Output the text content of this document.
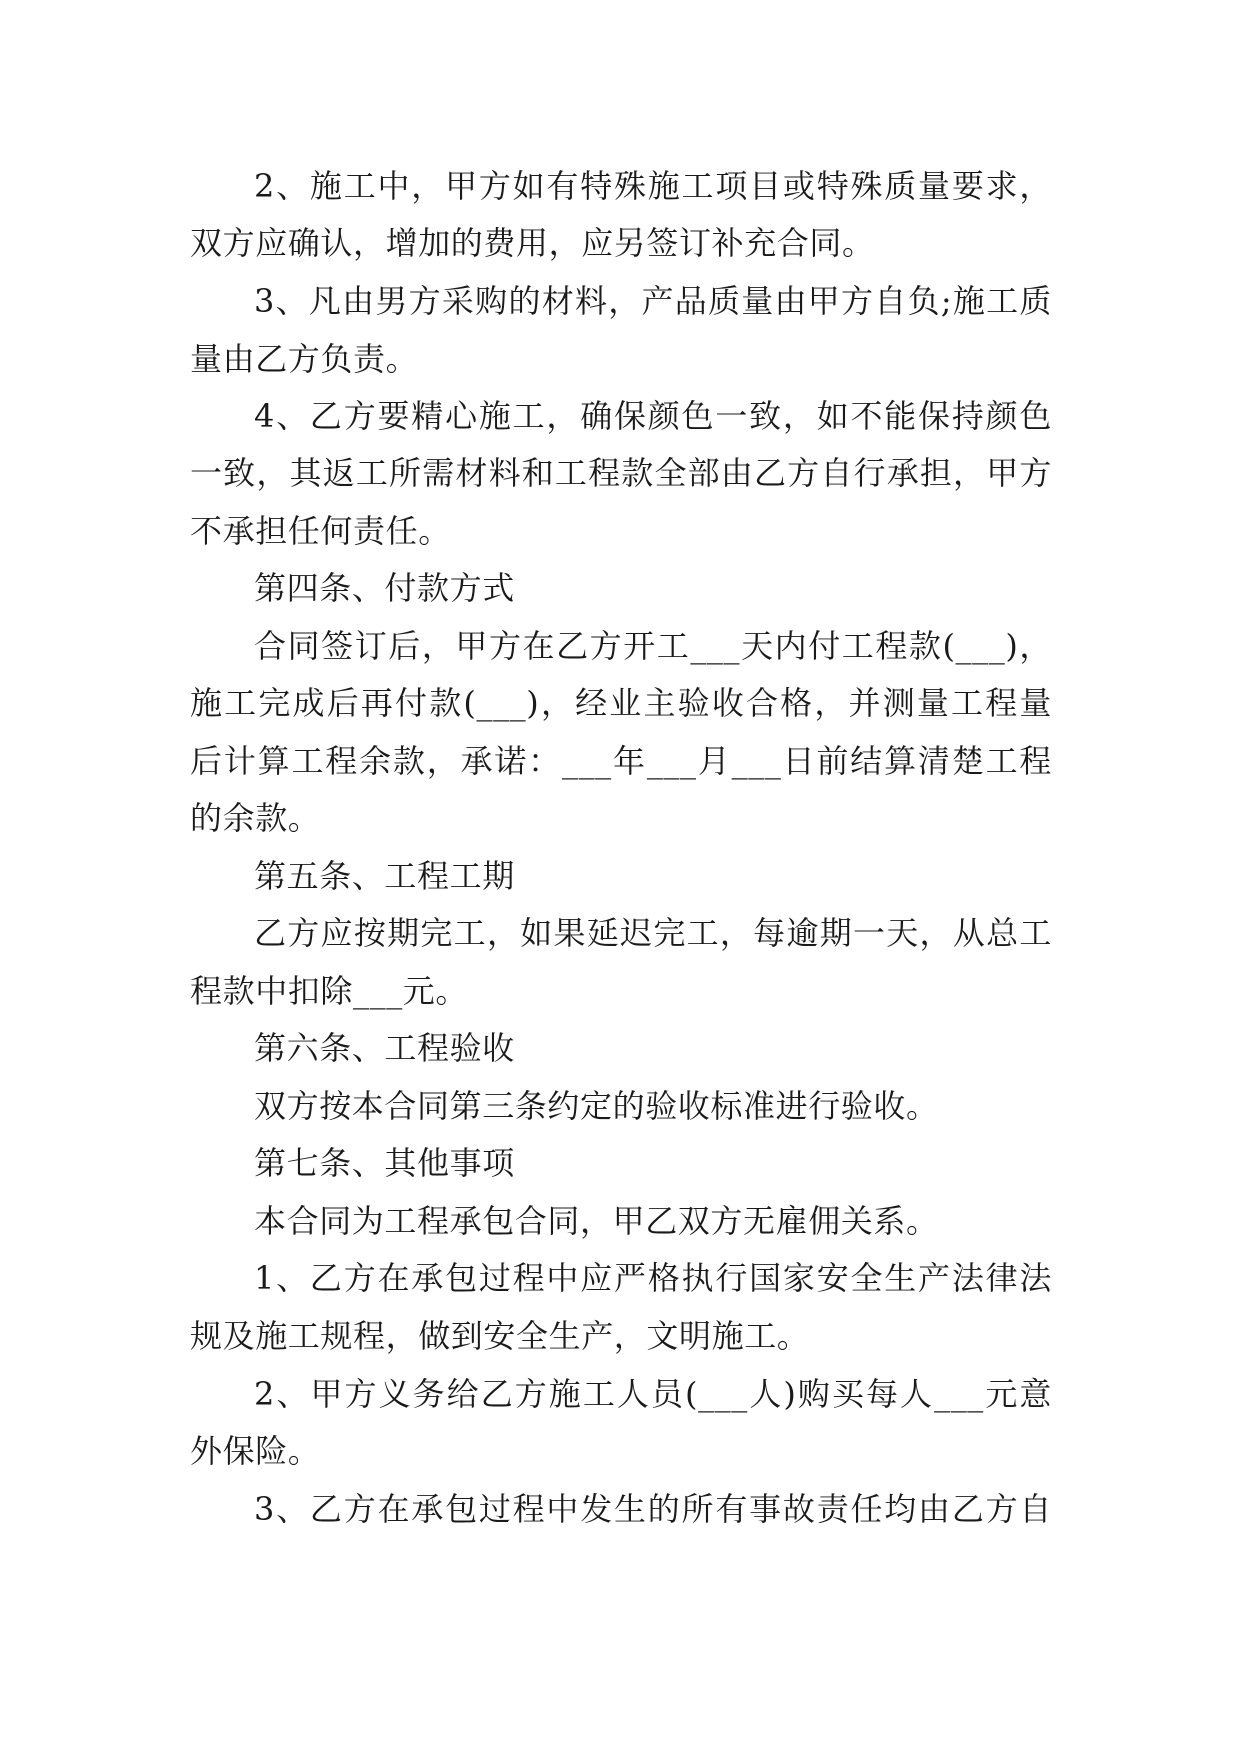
2、施工中，甲方如有特殊施工项目或特殊质量要求，
双方应确认，增加的费用，应另签订补充合同。
3、凡由男方采购的材料，产品质量由甲方自负;施工质
量由乙方负责。
4、乙方要精心施工，确保颜色一致，如不能保持颜色
一致，其返工所需材料和工程款全部由乙方自行承担，甲方
不承担任何责任。
第四条、付款方式
合同签订后，甲方在乙方开工___天内付工程款(___)，
施工完成后再付款(___)，经业主验收合格，并测量工程量
后计算工程余款，承诺：___年___月___日前结算清楚工程
的余款。
第五条、工程工期
乙方应按期完工，如果延迟完工，每逾期一天，从总工
程款中扣除___元。
第六条、工程验收
双方按本合同第三条约定的验收标准进行验收。
第七条、其他事项
本合同为工程承包合同，甲乙双方无雇佣关系。
1、乙方在承包过程中应严格执行国家安全生产法律法
规及施工规程，做到安全生产，文明施工。
2、甲方义务给乙方施工人员(___人)购买每人___元意
外保险。
3、乙方在承包过程中发生的所有事故责任均由乙方自
